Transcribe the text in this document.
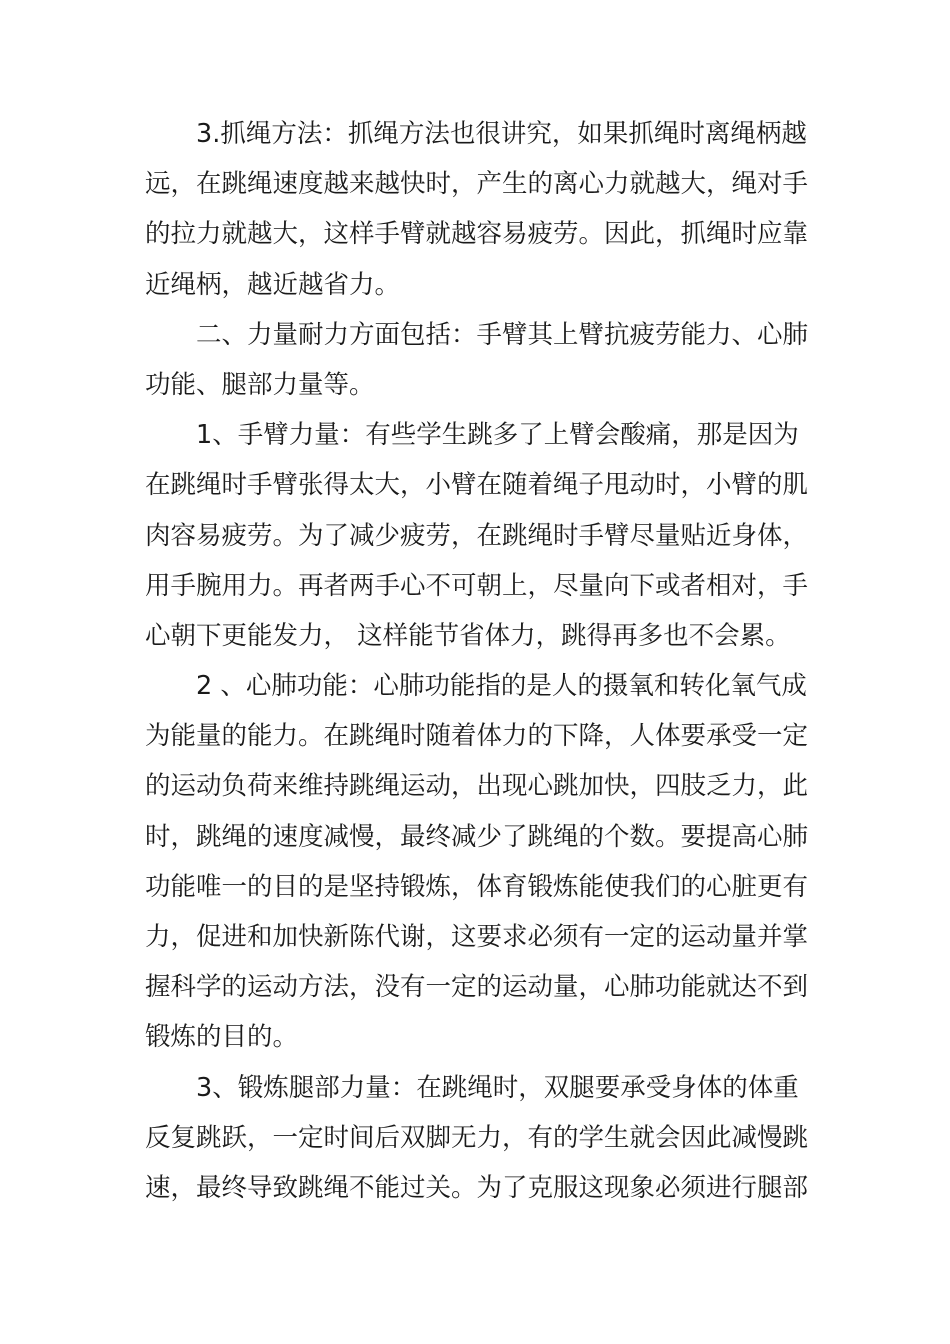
3.抓绳方法：抓绳方法也很讲究，如果抓绳时离绳柄越
远，在跳绳速度越来越快时，产生的离心力就越大，绳对手
的拉力就越大，这样手臂就越容易疲劳。因此，抓绳时应靠
近绳柄，越近越省力。
二、力量耐力方面包括：手臂其上臂抗疲劳能力、心肺
功能、腿部力量等。
1、手臂力量：有些学生跳多了上臂会酸痛，那是因为
在跳绳时手臂张得太大，小臂在随着绳子甩动时，小臂的肌
肉容易疲劳。为了减少疲劳，在跳绳时手臂尽量贴近身体，
用手腕用力。再者两手心不可朝上，尽量向下或者相对，手
心朝下更能发力， 这样能节省体力，跳得再多也不会累。
2 、心肺功能：心肺功能指的是人的摄氧和转化氧气成
为能量的能力。在跳绳时随着体力的下降，人体要承受一定
的运动负荷来维持跳绳运动，出现心跳加快，四肢乏力，此
时，跳绳的速度减慢，最终减少了跳绳的个数。要提高心肺
功能唯一的目的是坚持锻炼，体育锻炼能使我们的心脏更有
力，促进和加快新陈代谢，这要求必须有一定的运动量并掌
握科学的运动方法，没有一定的运动量，心肺功能就达不到
锻炼的目的。
3、锻炼腿部力量：在跳绳时，双腿要承受身体的体重
反复跳跃，一定时间后双脚无力，有的学生就会因此减慢跳
速，最终导致跳绳不能过关。为了克服这现象必须进行腿部
